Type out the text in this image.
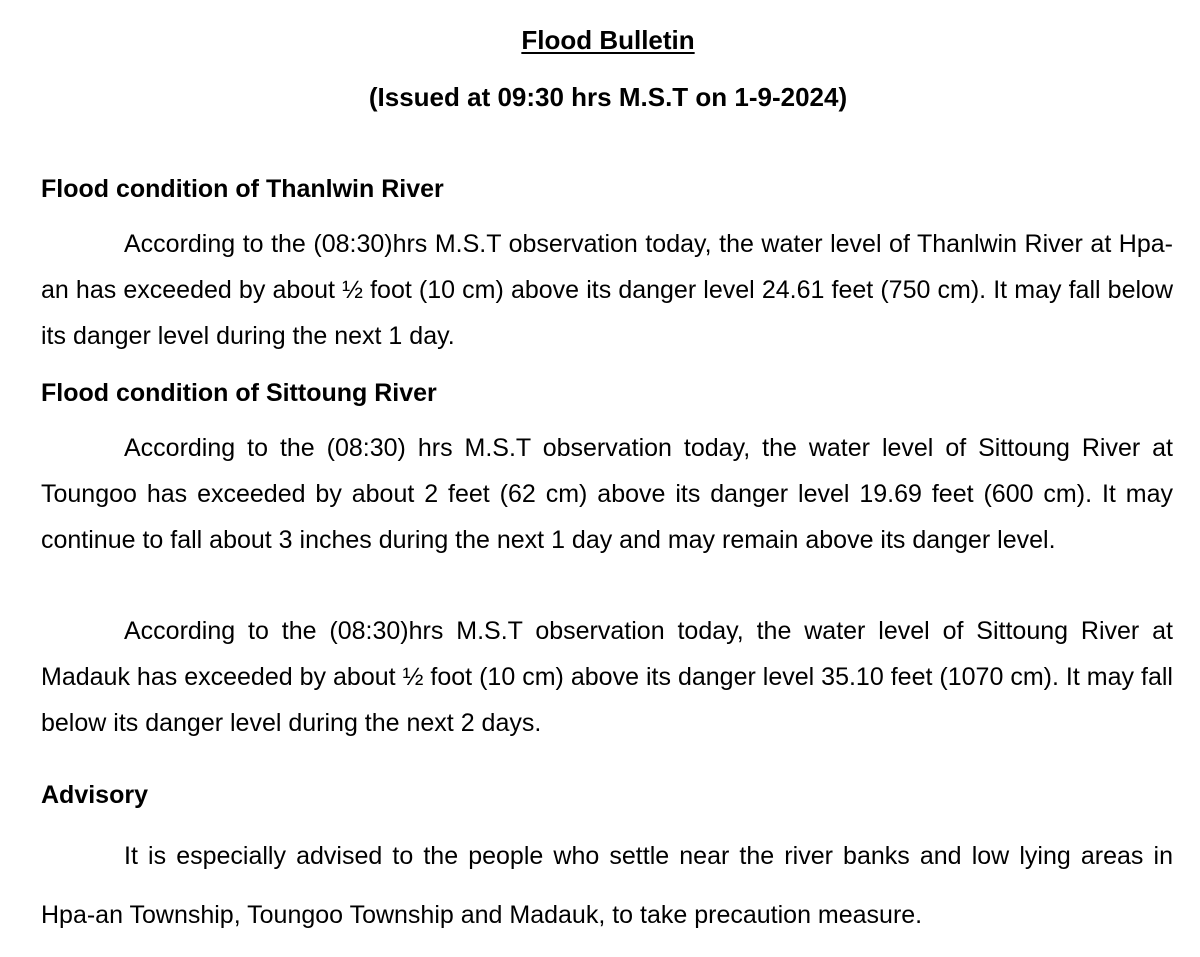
Flood Bulletin
(Issued at 09:30 hrs M.S.T on 1-9-2024)
Flood condition of Thanlwin River

According to the (08:30)hrs M.S.T observation today, the water level of Thanlwin River at Hpa-an has exceeded by about ½ foot (10 cm) above its danger level 24.61 feet (750 cm). It may fall below its danger level during the next 1 day.

Flood condition of Sittoung River

According to the (08:30) hrs M.S.T observation today, the water level of Sittoung River at Toungoo has exceeded by about 2 feet (62 cm) above its danger level 19.69 feet (600 cm). It may continue to fall about 3 inches during the next 1 day and may remain above its danger level.

According to the (08:30)hrs M.S.T observation today, the water level of Sittoung River at Madauk has exceeded by about ½ foot (10 cm) above its danger level 35.10 feet (1070 cm). It may fall below its danger level during the next 2 days.

Advisory

It is especially advised to the people who settle near the river banks and low lying areas in Hpa-an Township, Toungoo Township and Madauk, to take precaution measure.
